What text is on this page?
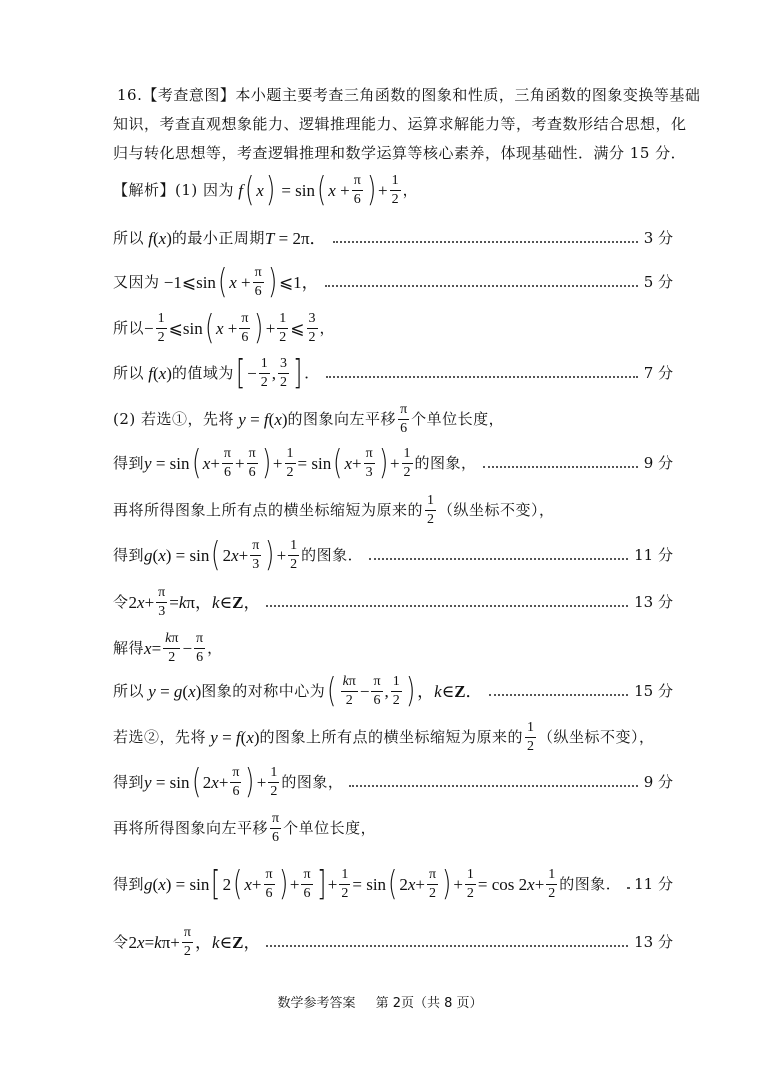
16.【考查意图】本小题主要考查三角函数的图象和性质，三角函数的图象变换等基础
知识，考查直观想象能力、逻辑推理能力、运算求解能力等，考查数形结合思想，化
归与转化思想等，考查逻辑推理和数学运算等核心素养，体现基础性．满分 15 分．
【解析】(1) 因为 f ( x ) = sin ( $x + \frac{\pi}{6}$ ) + $\frac{1}{2}$ ，
所以 f ( x ) 的最小正周期 T = 2π．	3 分
又因为 −1⩽sin ( $x + \frac{\pi}{6}$ ) ⩽1，	5 分
所以 − $\frac{1}{2}$ ⩽sin ( $x + \frac{\pi}{6}$ ) + $\frac{1}{2}$ ⩽ $\frac{3}{2}$ ，
所以 f ( x ) 的值域为 [ − $\frac{1}{2}$ , $\frac{3}{2}$ ] ．	7 分
(2) 若选①，先将 y = f ( x ) 的图象向左平移 $\frac{\pi}{6}$ 个单位长度，
得到 y = sin ( $x + \frac{\pi}{6} + \frac{\pi}{6}$ ) + $\frac{1}{2} = \sin$ ( $x + \frac{\pi}{3}$ ) + $\frac{1}{2}$ 的图象，	9 分
再将所得图象上所有点的横坐标缩短为原来的 $\frac{1}{2}$ （纵坐标不变），
得到 g ( x ) = sin ( 2 $x + \frac{\pi}{3}$ ) + $\frac{1}{2}$ 的图象．	11 分
令 2 $x + \frac{\pi}{3} = k$ π， k ∈Z，	13 分
解得 $x = \frac{k\pi}{2} - \frac{\pi}{6}$ ，
所以 y = g ( x ) 图象的对称中心为 ( $\frac{k\pi}{2} - \frac{\pi}{6}$ , $\frac{1}{2}$ ) ， k ∈Z．	15 分
若选②，先将 y = f ( x ) 的图象上所有点的横坐标缩短为原来的 $\frac{1}{2}$ （纵坐标不变），
得到 y = sin ( 2 $x + \frac{\pi}{6}$ ) + $\frac{1}{2}$ 的图象，	9 分
再将所得图象向左平移 $\frac{\pi}{6}$ 个单位长度，
得到 g ( x ) = sin [ 2 ( $x + \frac{\pi}{6}$ ) + $\frac{\pi}{6}$ ] + $\frac{1}{2} = \sin$ ( 2 $x + \frac{\pi}{2}$ ) + $\frac{1}{2} = \cos 2$ $x + \frac{1}{2}$ 的图象． 11 分
令 2 x = k $\pi+ \frac{\pi}{2}$ ， k ∈Z，	13 分
数学参考答案 第 2页（共 8 页）
